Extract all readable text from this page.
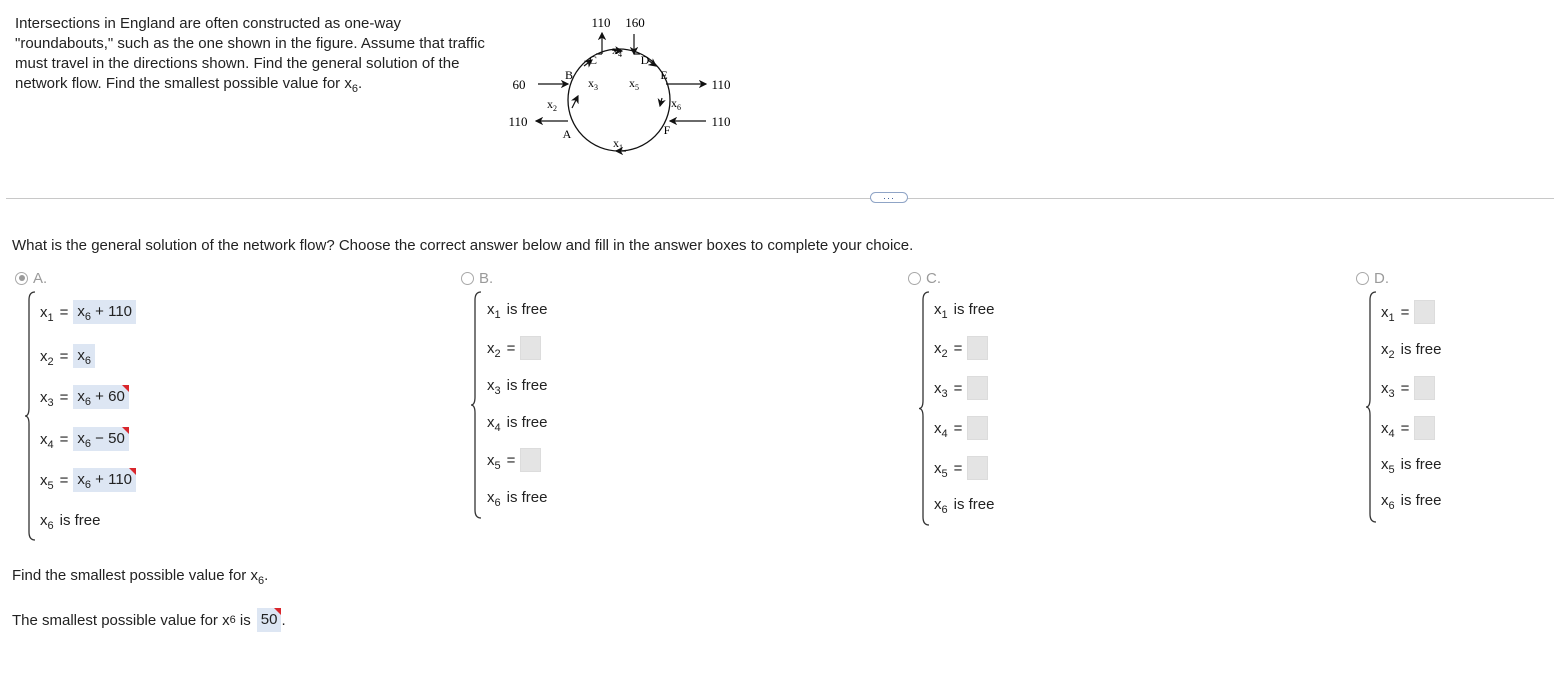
Intersections in England are often constructed as one-way "roundabouts," such as the one shown in the figure. Assume that traffic must travel in the directions shown. Find the general solution of the network flow. Find the smallest possible value for $x_6$.
110 160
60
110
110
110
A
B
C	D
E
F
$x_1$
$x_2$
$x_3$
$x_4$
$x_5$
$x_6$
···
What is the general solution of the network flow? Choose the correct answer below and fill in the answer boxes to complete your choice.
A.
$x_1 = x_6 + 110$
$x_2 = x_6$
$x_3 = x_6 + 60$
$x_4 = x_6 - 50$
$x_5 = x_6 + 110$
$x_6$ is free
B.
$x_1$ is free
$x_2$ =
$x_3$ is free
$x_4$ is free
$x_5$ =
$x_6$ is free
C.
$x_1$ is free
$x_2$ =
$x_3$ =
$x_4$ =
$x_5$ =
$x_6$ is free
D.
$x_1$ =
$x_2$ is free
$x_3$ =
$x_4$ =
$x_5$ is free
$x_6$ is free
Find the smallest possible value for $x_6$.
The smallest possible value for
x 6
is 50 .
